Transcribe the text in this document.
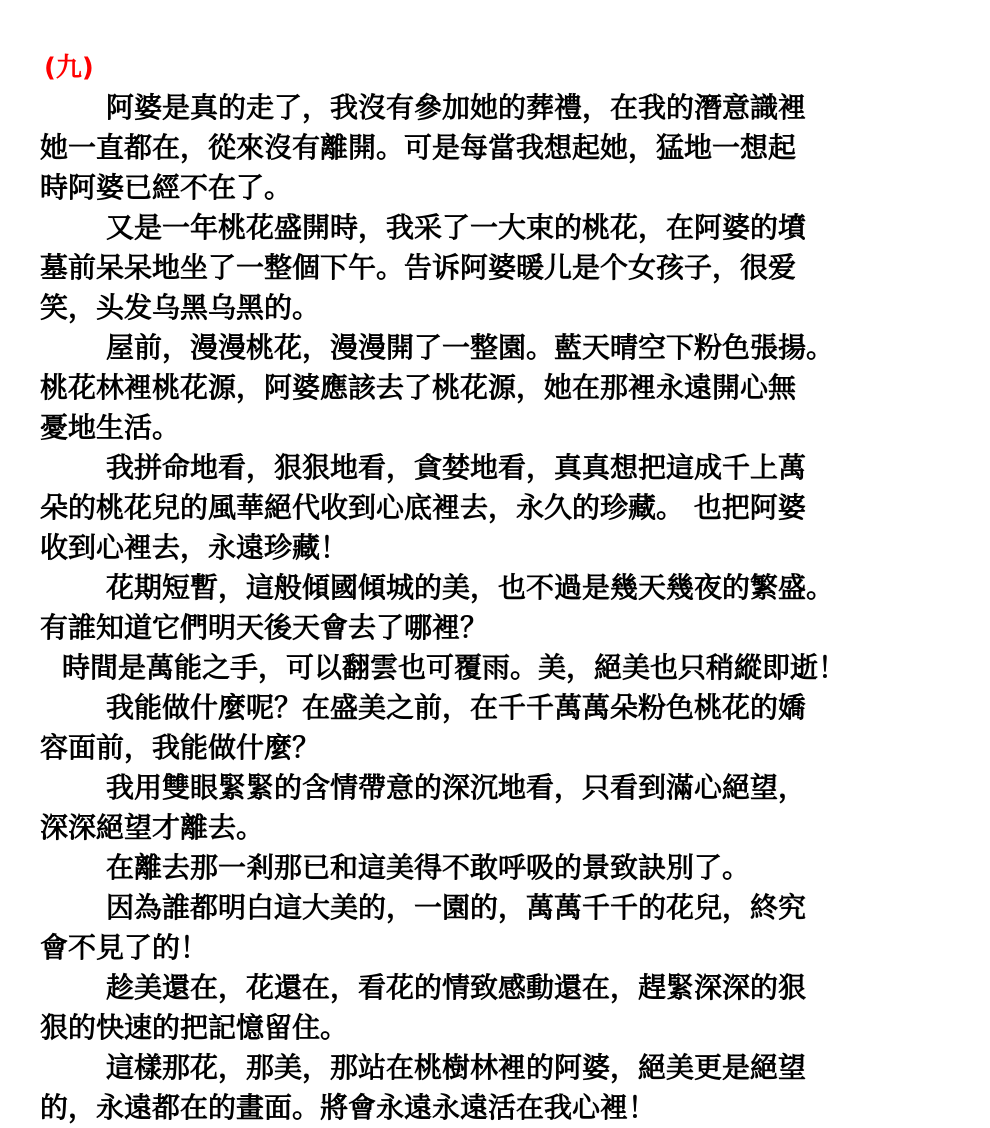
(九)
阿婆是真的走了，我沒有參加她的葬禮，在我的潛意識裡
她一直都在，從來沒有離開。可是每當我想起她，猛地一想起
時阿婆已經不在了。
又是一年桃花盛開時，我采了一大束的桃花，在阿婆的墳
墓前呆呆地坐了一整個下午。告诉阿婆暖儿是个女孩子，很爱
笑，头发乌黑乌黑的。
屋前，漫漫桃花，漫漫開了一整園。藍天晴空下粉色張揚。
桃花林裡桃花源，阿婆應該去了桃花源，她在那裡永遠開心無
憂地生活。
我拼命地看，狠狠地看，貪婪地看，真真想把這成千上萬
朵的桃花兒的風華絕代收到心底裡去，永久的珍藏。 也把阿婆
收到心裡去，永遠珍藏！
花期短暫，這般傾國傾城的美，也不過是幾天幾夜的繁盛。
有誰知道它們明天後天會去了哪裡？
時間是萬能之手，可以翻雲也可覆雨。美，絕美也只稍縱即逝！
我能做什麼呢？在盛美之前，在千千萬萬朵粉色桃花的嬌
容面前，我能做什麼？
我用雙眼緊緊的含情帶意的深沉地看，只看到滿心絕望，
深深絕望才離去。
在離去那一剎那已和這美得不敢呼吸的景致訣別了。
因為誰都明白這大美的，一園的，萬萬千千的花兒，終究
會不見了的！
趁美還在，花還在，看花的情致感動還在，趕緊深深的狠
狠的快速的把記憶留住。
這樣那花，那美，那站在桃樹林裡的阿婆，絕美更是絕望
的，永遠都在的畫面。將會永遠永遠活在我心裡！
